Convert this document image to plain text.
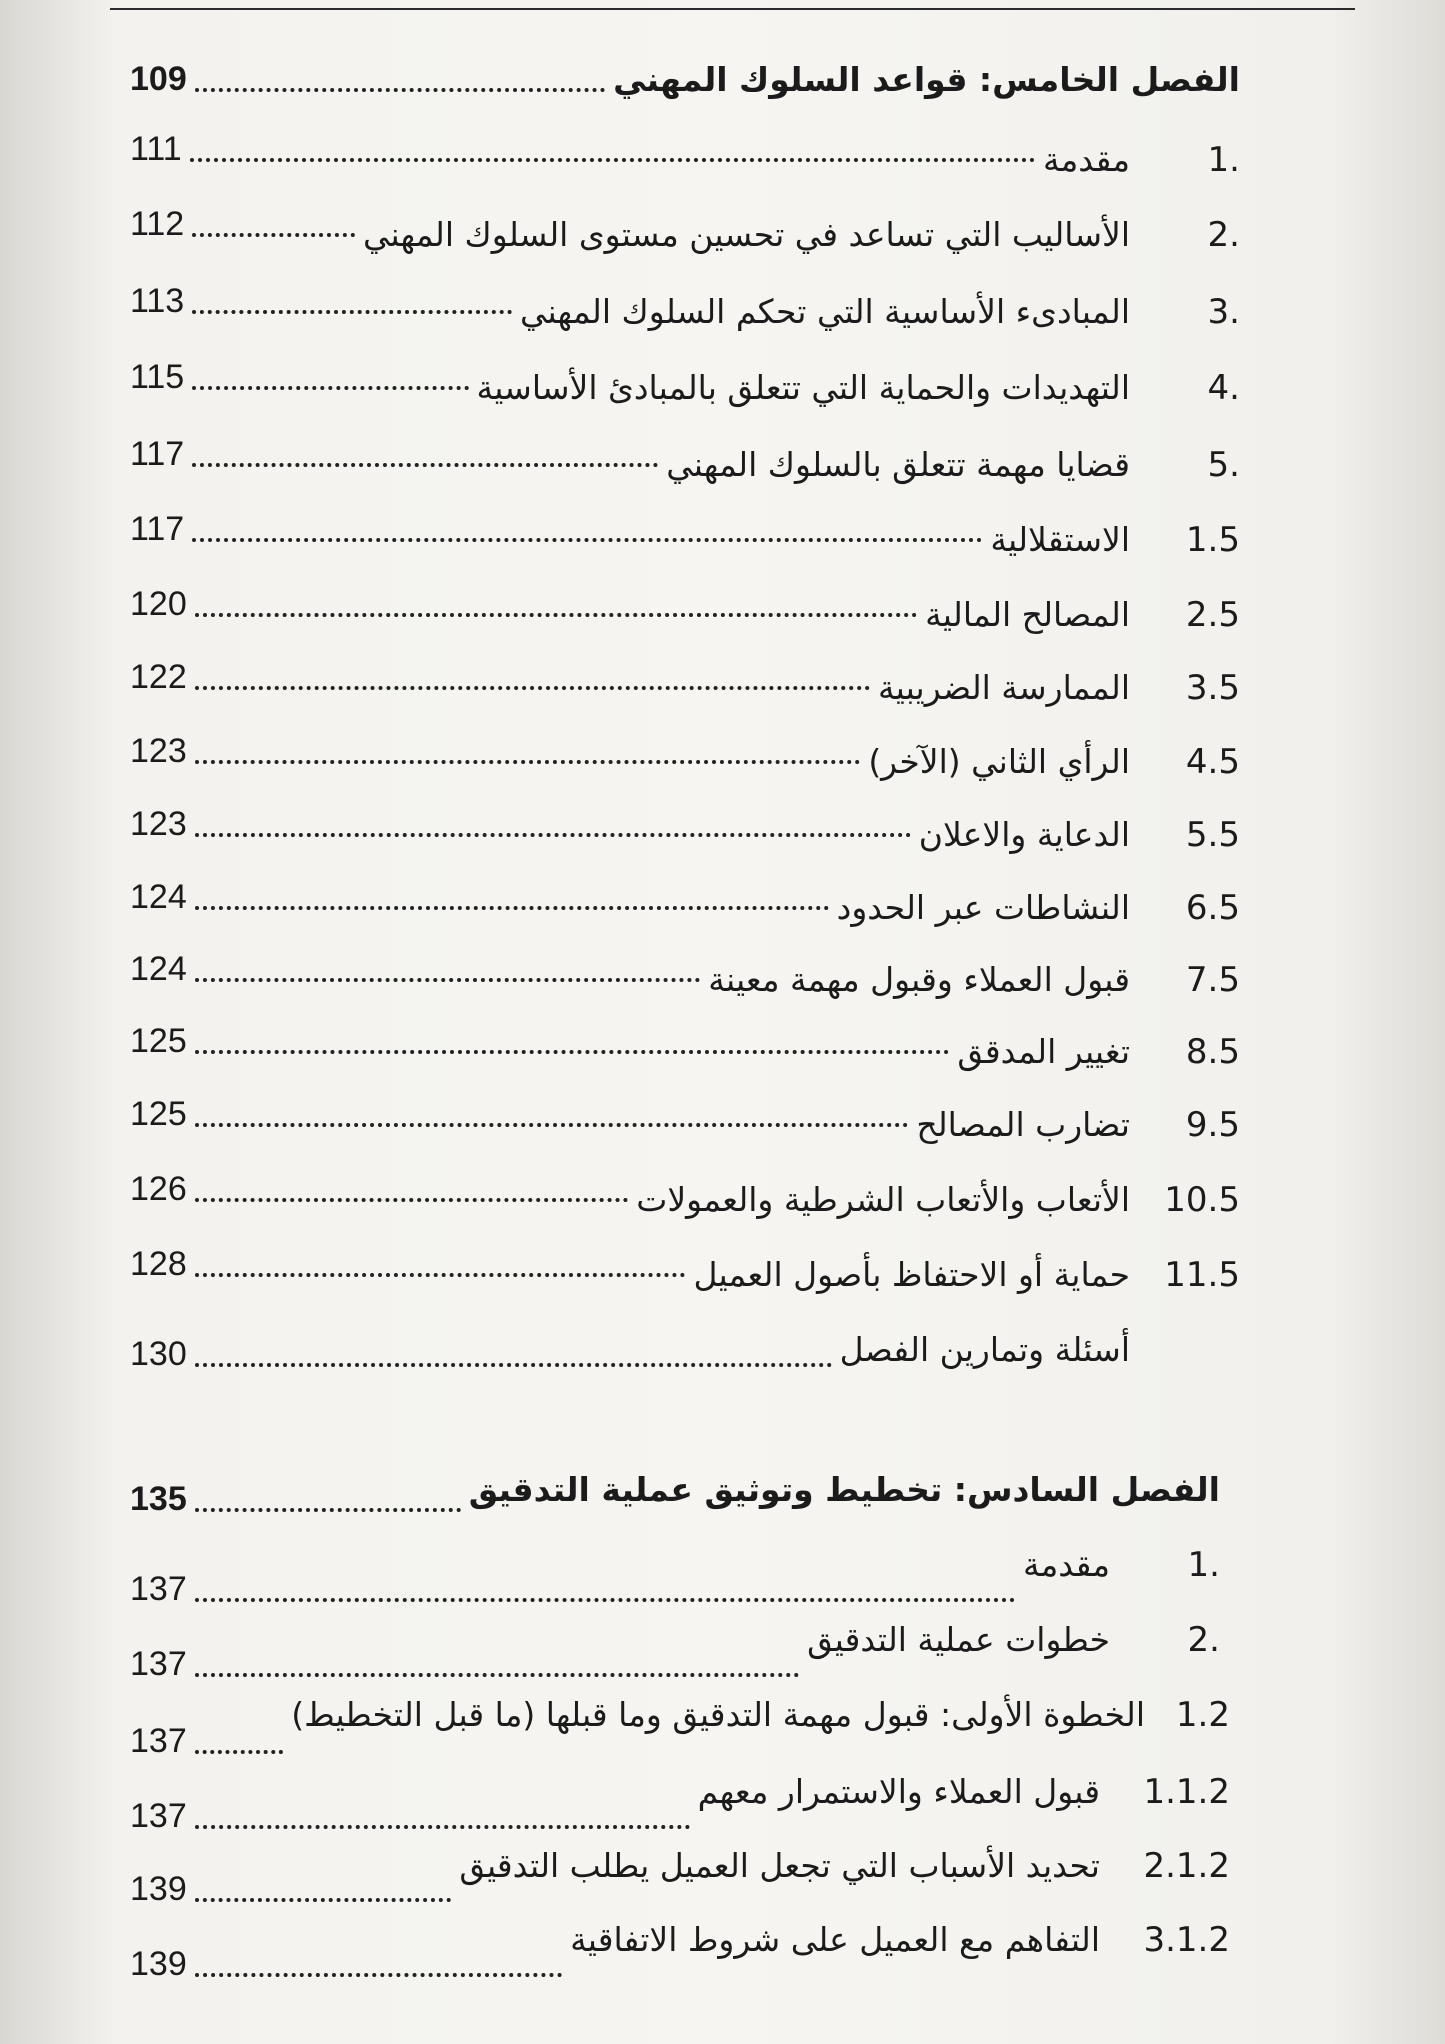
الفصل الخامس: قواعد السلوك المهني
109
1.
مقدمة
111
2.
الأساليب التي تساعد في تحسين مستوى السلوك المهني
112
3.
المبادىء الأساسية التي تحكم السلوك المهني
113
4.
التهديدات والحماية التي تتعلق بالمبادئ الأساسية
115
5.
قضايا مهمة تتعلق بالسلوك المهني
117
1.5
الاستقلالية
117
2.5
المصالح المالية
120
3.5
الممارسة الضريبية
122
4.5
الرأي الثاني (الآخر)
123
5.5
الدعاية والاعلان
123
6.5
النشاطات عبر الحدود
124
7.5
قبول العملاء وقبول مهمة معينة
124
8.5
تغيير المدقق
125
9.5
تضارب المصالح
125
10.5
الأتعاب والأتعاب الشرطية والعمولات
126
11.5
حماية أو الاحتفاظ بأصول العميل
128
أسئلة وتمارين الفصل
130
الفصل السادس: تخطيط وتوثيق عملية التدقيق
135
1.
مقدمة
137
2.
خطوات عملية التدقيق
137
1.2
الخطوة الأولى: قبول مهمة التدقيق وما قبلها (ما قبل التخطيط)
137
1.1.2
قبول العملاء والاستمرار معهم
137
2.1.2
تحديد الأسباب التي تجعل العميل يطلب التدقيق
139
3.1.2
التفاهم مع العميل على شروط الاتفاقية
139
